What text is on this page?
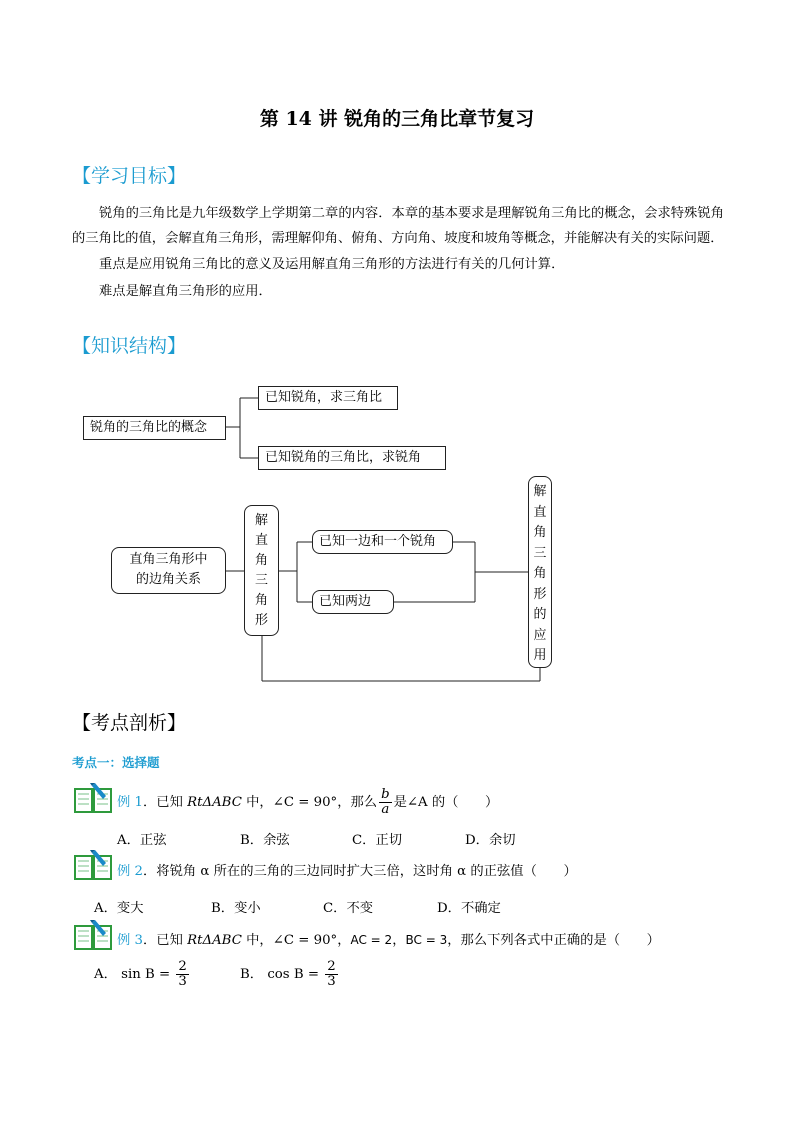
第 14 讲 锐角的三角比章节复习
【学习目标】

锐角的三角比是九年级数学上学期第二章的内容．本章的基本要求是理解锐角三角比的概念，会求特殊锐角的三角比的值，会解直角三角形，需理解仰角、俯角、方向角、坡度和坡角等概念，并能解决有关的实际问题．

重点是应用锐角三角比的意义及运用解直角三角形的方法进行有关的几何计算．

难点是解直角三角形的应用．

【知识结构】
锐角的三角比的概念
已知锐角，求三角比
已知锐角的三角比，求锐角
直角三角形中
的边角关系
解
直
角
三
角
形
已知一边和一个锐角
已知两边
解
直
角
三
角
形
的
应
用
【考点剖析】
考点一：选择题
例 1．已知 RtΔABC 中，∠C = 90°，那么 $\frac{b}{a}$ 是∠A 的（　　）
A．正弦	B．余弦	C．正切	D．余切
例 2．将锐角 α 所在的三角的三边同时扩大三倍，这时角 α 的正弦值（　　）
A．变大	B．变小	C．不变	D．不确定
例 3．已知 RtΔABC 中，∠C = 90°，AC = 2，BC = 3，那么下列各式中正确的是（　　）
A． $\sin B = \frac{2}{3}$	B． $\cos B = \frac{2}{3}$
